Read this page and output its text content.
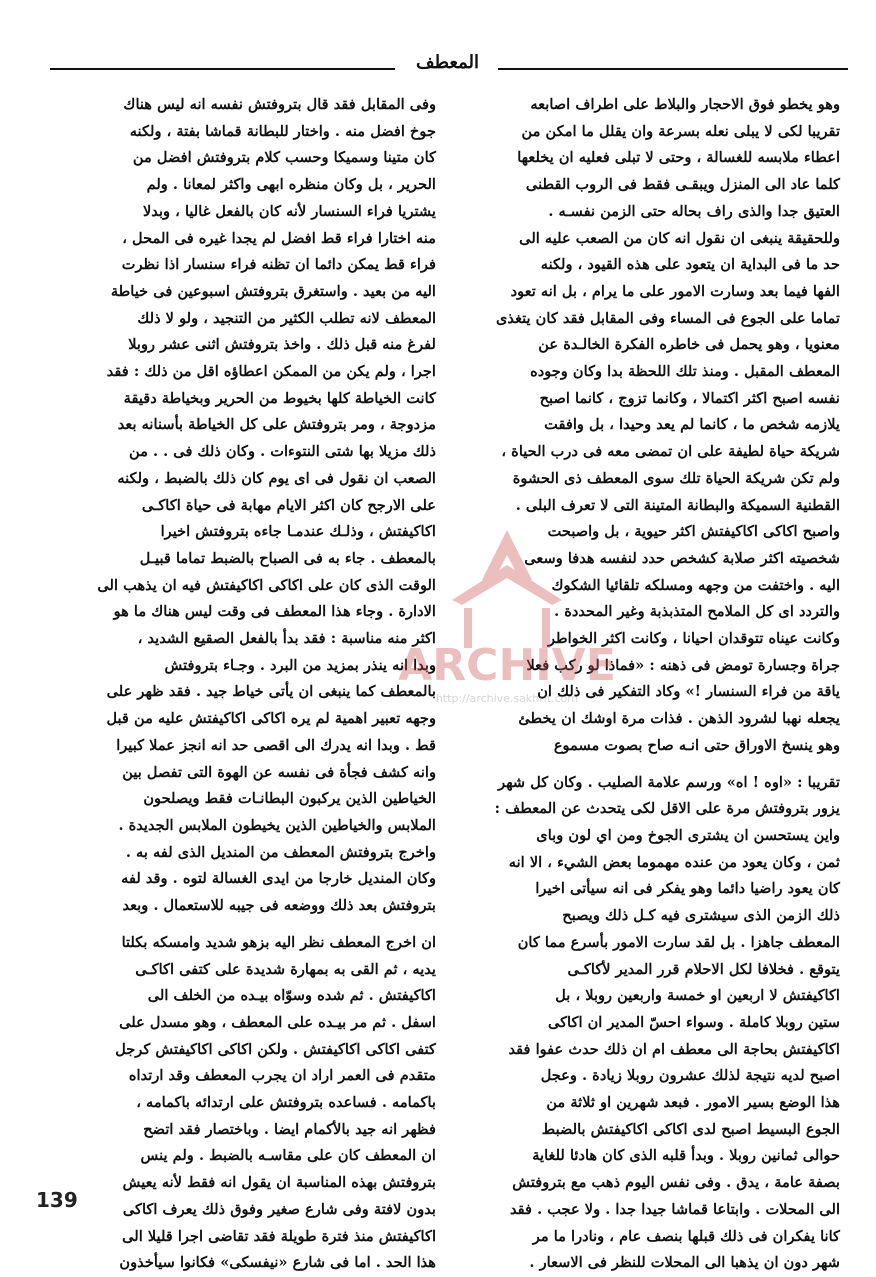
المعطف

وهو يخطو فوق الاحجار والبلاط على اطراف اصابعه
تقريبا لكى لا يبلى نعله بسرعة وان يقلل ما امكن من
اعطاء ملابسه للغسالة ، وحتى لا تبلى فعليه ان يخلعها
كلما عاد الى المنزل ويبقـى فقط فى الروب القطنى
العتيق جدا والذى راف بحاله حتى الزمن نفسـه .
وللحقيقة ينبغى ان نقول انه كان من الصعب عليه الى
حد ما فى البداية ان يتعود على هذه القيود ، ولكنه
الفها فيما بعد وسارت الامور على ما يرام ، بل انه تعود
تماما على الجوع فى المساء وفى المقابل فقد كان يتغذى
معنويا ، وهو يحمل فى خاطره الفكرة الخالـدة عن
المعطف المقبل . ومنذ تلك اللحظة بدا وكان وجوده
نفسه اصبح اكثر اكتمالا ، وكانما تزوج ، كانما اصبح
يلازمه شخص ما ، كانما لم يعد وحيدا ، بل وافقت
شريكة حياة لطيفة على ان تمضى معه فى درب الحياة ،
ولم تكن شريكة الحياة تلك سوى المعطف ذى الحشوة
القطنية السميكة والبطانة المتينة التى لا تعرف البلى .
واصبح اكاكى اكاكيفتش اكثر حيوية ، بل واصبحت
شخصيته اكثر صلابة كشخص حدد لنفسه هدفا وسعى
اليه . واختفت من وجهه ومسلكه تلقائيا الشكوك
والتردد اى كل الملامح المتذبذبة وغير المحددة .
وكانت عيناه تتوقدان احيانا ، وكانت اكثر الخواطر
جراة وجسارة تومض فى ذهنه : «فماذا لو ركب فعلا
ياقة من فراء السنسار !» وكاد التفكير فى ذلك ان
يجعله نهبا لشرود الذهن . فذات مرة اوشك ان يخطئ
وهو ينسخ الاوراق حتى انـه صاح بصوت مسموع

تقريبا : «اوه ! اه» ورسم علامة الصليب . وكان كل شهر
يزور بتروفتش مرة على الاقل لكى يتحدث عن المعطف :
واين يستحسن ان يشترى الجوخ ومن اي لون وباى
ثمن ، وكان يعود من عنده مهموما بعض الشيء ، الا انه
كان يعود راضيا دائما وهو يفكر فى انه سيأتى اخيرا
ذلك الزمن الذى سيشترى فيه كـل ذلك ويصبح
المعطف جاهزا . بل لقد سارت الامور بأسرع مما كان
يتوقع . فخلافا لكل الاحلام قرر المدير لأكاكـى
اكاكيفتش لا اربعين او خمسة واربعين روبلا ، بل
ستين روبلا كاملة . وسواء احسّ المدير ان اكاكى
اكاكيفتش بحاجة الى معطف ام ان ذلك حدث عفوا فقد
اصبح لديه نتيجة لذلك عشرون روبلا زيادة . وعجل
هذا الوضع بسير الامور . فبعد شهرين او ثلاثة من
الجوع البسيط اصبح لدى اكاكى اكاكيفتش بالضبط
حوالى ثمانين روبلا . وبدأ قلبه الذى كان هادئا للغاية
بصفة عامة ، يدق . وفى نفس اليوم ذهب مع بتروفتش
الى المحلات . وابتاعا قماشا جيدا جدا . ولا عجب . فقد
كانا يفكران فى ذلك قبلها بنصف عام ، ونادرا ما مر
شهر دون ان يذهبا الى المحلات للنظر فى الاسعار .

وفى المقابل فقد قال بتروفتش نفسه انه ليس هناك
جوخ افضل منه . واختار للبطانة قماشا بفتة ، ولكنه
كان متينا وسميكا وحسب كلام بتروفتش افضل من
الحرير ، بل وكان منظره ابهى واكثر لمعانا . ولم
يشتريا فراء السنسار لأنه كان بالفعل غاليا ، وبدلا
منه اختارا فراء قط افضل لم يجدا غيره فى المحل ،
فراء قط يمكن دائما ان تظنه فراء سنسار اذا نظرت
اليه من بعيد . واستغرق بتروفتش اسبوعين فى خياطة
المعطف لانه تطلب الكثير من التنجيد ، ولو لا ذلك
لفرغ منه قبل ذلك . واخذ بتروفتش اثنى عشر روبلا
اجرا ، ولم يكن من الممكن اعطاؤه اقل من ذلك : فقد
كانت الخياطة كلها بخيوط من الحرير وبخياطة دقيقة
مزدوجة ، ومر بتروفتش على كل الخياطة بأسنانه بعد
ذلك مزيلا بها شتى النتوءات . وكان ذلك فى . . من
الصعب ان نقول فى اى يوم كان ذلك بالضبط ، ولكنه
على الارجح كان اكثر الايام مهابة فى حياة اكاكـى
اكاكيفتش ، وذلـك عندمـا جاءه بتروفتش اخيرا
بالمعطف . جاء به فى الصباح بالضبط تماما قبيـل
الوقت الذى كان على اكاكى اكاكيفتش فيه ان يذهب الى
الادارة . وجاء هذا المعطف فى وقت ليس هناك ما هو
اكثر منه مناسبة : فقد بدأ بالفعل الصقيع الشديد ،
وبدا انه ينذر بمزيد من البرد . وجـاء بتروفتش
بالمعطف كما ينبغى ان يأتى خياط جيد . فقد ظهر على
وجهه تعبير اهمية لم يره اكاكى اكاكيفتش عليه من قبل
قط . وبدا انه يدرك الى اقصى حد انه انجز عملا كبيرا
وانه كشف فجأة فى نفسه عن الهوة التى تفصل بين
الخياطين الذين يركبون البطانـات فقط ويصلحون
الملابس والخياطين الذين يخيطون الملابس الجديدة .
واخرج بتروفتش المعطف من المنديل الذى لفه به .
وكان المنديل خارجا من ايدى الغسالة لتوه . وقد لفه
بتروفتش بعد ذلك ووضعه فى جيبه للاستعمال . وبعد

ان اخرج المعطف نظر اليه بزهو شديد وامسكه بكلتا
يديه ، ثم القى به بمهارة شديدة على كتفى اكاكـى
اكاكيفتش . ثم شده وسوّاه بيـده من الخلف الى
اسفل . ثم مر بيـده على المعطف ، وهو مسدل على
كتفى اكاكى اكاكيفتش . ولكن اكاكى اكاكيفتش كرجل
متقدم فى العمر اراد ان يجرب المعطف وقد ارتداه
باكمامه . فساعده بتروفتش على ارتدائه باكمامه ،
فظهر انه جيد بالأكمام ايضا . وباختصار فقد اتضح
ان المعطف كان على مقاسـه بالضبط . ولم ينس
بتروفتش بهذه المناسبة ان يقول انه فقط لأنه يعيش
بدون لافتة وفى شارع صغير وفوق ذلك يعرف اكاكى
اكاكيفتش منذ فترة طويلة فقد تقاضى اجرا قليلا الى
هذا الحد . اما فى شارع «نيفسكى» فكانوا سيأخذون

ARCHIVE
http://archive.sakhrit.com
139
